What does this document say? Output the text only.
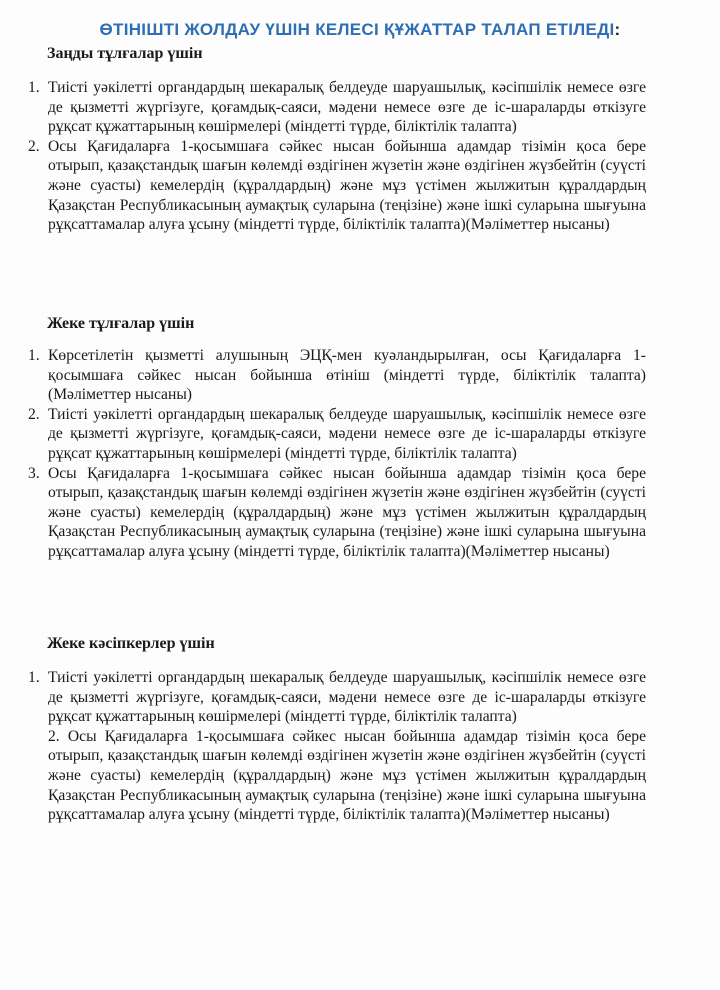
ӨТІНІШТІ ЖОЛДАУ ҮШІН КЕЛЕСІ ҚҰЖАТТАР ТАЛАП ЕТІЛЕДІ:
Заңды тұлғалар үшін
1. Тиісті уәкілетті органдардың шекаралық белдеуде шаруашылық, кәсіпшілік немесе өзге де қызметті жүргізуге, қоғамдық-саяси, мәдени немесе өзге де іс-шараларды өткізуге рұқсат құжаттарының көшірмелері (міндетті түрде, біліктілік талапта)
2. Осы Қағидаларға 1-қосымшаға сәйкес нысан бойынша адамдар тізімін қоса бере отырып, қазақстандық шағын көлемді өздігінен жүзетін және өздігінен жүзбейтін (суүсті және суасты) кемелердің (құралдардың) және мұз үстімен жылжитын құралдардың Қазақстан Республикасының аумақтық суларына (теңізіне) және ішкі суларына шығуына рұқсаттамалар алуға ұсыну (міндетті түрде, біліктілік талапта)(Мәліметтер нысаны)
Жеке тұлғалар үшін
1. Көрсетілетін қызметті алушының ЭЦҚ-мен куәландырылған, осы Қағидаларға 1-қосымшаға сәйкес нысан бойынша өтініш (міндетті түрде, біліктілік талапта)(Мәліметтер нысаны)
2. Тиісті уәкілетті органдардың шекаралық белдеуде шаруашылық, кәсіпшілік немесе өзге де қызметті жүргізуге, қоғамдық-саяси, мәдени немесе өзге де іс-шараларды өткізуге рұқсат құжаттарының көшірмелері (міндетті түрде, біліктілік талапта)
3. Осы Қағидаларға 1-қосымшаға сәйкес нысан бойынша адамдар тізімін қоса бере отырып, қазақстандық шағын көлемді өздігінен жүзетін және өздігінен жүзбейтін (суүсті және суасты) кемелердің (құралдардың) және мұз үстімен жылжитын құралдардың Қазақстан Республикасының аумақтық суларына (теңізіне) және ішкі суларына шығуына рұқсаттамалар алуға ұсыну (міндетті түрде, біліктілік талапта)(Мәліметтер нысаны)
Жеке кәсіпкерлер үшін
1. Тиісті уәкілетті органдардың шекаралық белдеуде шаруашылық, кәсіпшілік немесе өзге де қызметті жүргізуге, қоғамдық-саяси, мәдени немесе өзге де іс-шараларды өткізуге рұқсат құжаттарының көшірмелері (міндетті түрде, біліктілік талапта)
2. Осы Қағидаларға 1-қосымшаға сәйкес нысан бойынша адамдар тізімін қоса бере отырып, қазақстандық шағын көлемді өздігінен жүзетін және өздігінен жүзбейтін (суүсті және суасты) кемелердің (құралдардың) және мұз үстімен жылжитын құралдардың Қазақстан Республикасының аумақтық суларына (теңізіне) және ішкі суларына шығуына рұқсаттамалар алуға ұсыну (міндетті түрде, біліктілік талапта)(Мәліметтер нысаны)
